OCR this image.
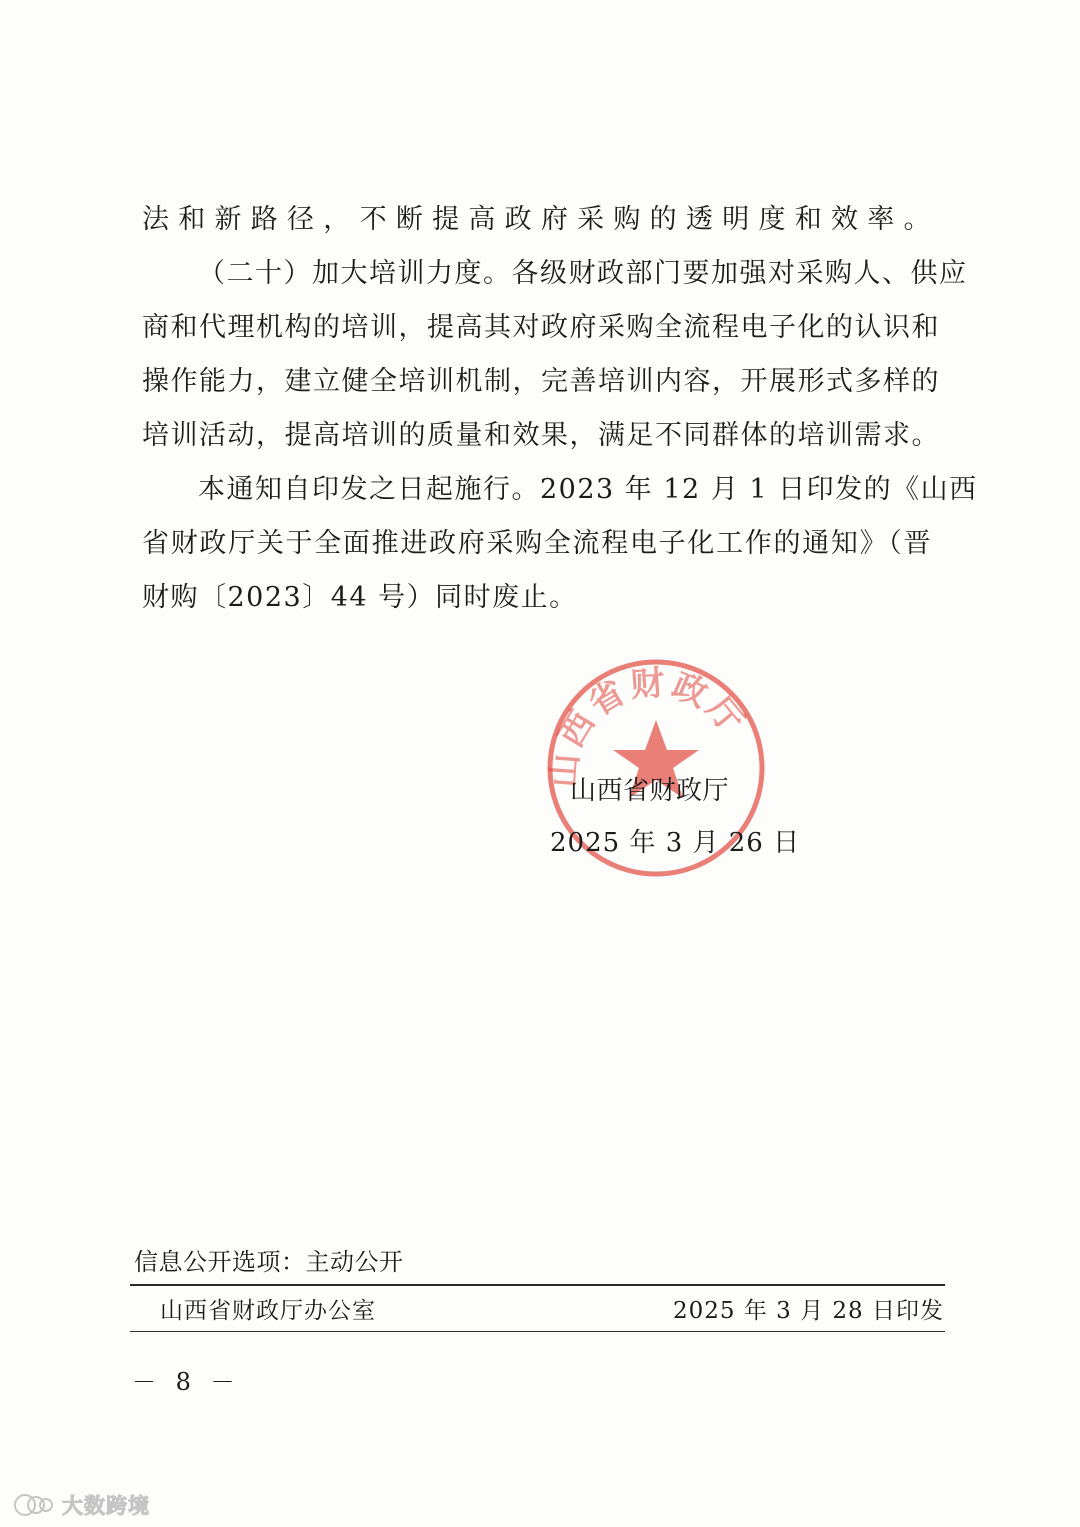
法和新路径，不断提高政府采购的透明度和效率。
（二十）加大培训力度。各级财政部门要加强对采购人、供应
商和代理机构的培训，提高其对政府采购全流程电子化的认识和
操作能力，建立健全培训机制，完善培训内容，开展形式多样的
培训活动，提高培训的质量和效果，满足不同群体的培训需求。
本通知自印发之日起施行。2023 年 12 月 1 日印发的《山西
省财政厅关于全面推进政府采购全流程电子化工作的通知》（晋
财购〔2023〕44 号）同时废止。
山西省财政厅
山西省财政厅
2025 年 3 月 26 日
信息公开选项：主动公开
山西省财政厅办公室	2025 年 3 月 28 日印发
－ 8 －
大数跨境
